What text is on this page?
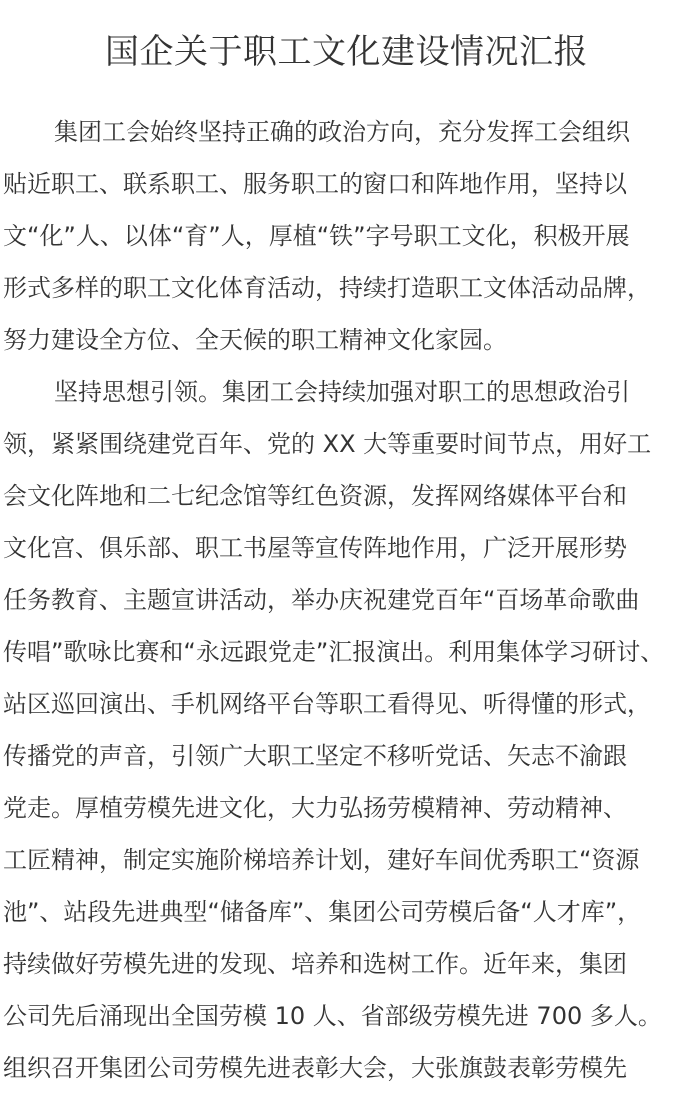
国企关于职工文化建设情况汇报
集团工会始终坚持正确的政治方向，充分发挥工会组织
贴近职工、联系职工、服务职工的窗口和阵地作用，坚持以
文“化”人、以体“育”人，厚植“铁”字号职工文化，积极开展
形式多样的职工文化体育活动，持续打造职工文体活动品牌，
努力建设全方位、全天候的职工精神文化家园。
坚持思想引领。集团工会持续加强对职工的思想政治引
领，紧紧围绕建党百年、党的 XX 大等重要时间节点，用好工
会文化阵地和二七纪念馆等红色资源，发挥网络媒体平台和
文化宫、俱乐部、职工书屋等宣传阵地作用，广泛开展形势
任务教育、主题宣讲活动，举办庆祝建党百年“百场革命歌曲
传唱”歌咏比赛和“永远跟党走”汇报演出。利用集体学习研讨、
站区巡回演出、手机网络平台等职工看得见、听得懂的形式，
传播党的声音，引领广大职工坚定不移听党话、矢志不渝跟
党走。厚植劳模先进文化，大力弘扬劳模精神、劳动精神、
工匠精神，制定实施阶梯培养计划，建好车间优秀职工“资源
池”、站段先进典型“储备库”、集团公司劳模后备“人才库”，
持续做好劳模先进的发现、培养和选树工作。近年来，集团
公司先后涌现出全国劳模 10 人、省部级劳模先进 700 多人。
组织召开集团公司劳模先进表彰大会，大张旗鼓表彰劳模先
